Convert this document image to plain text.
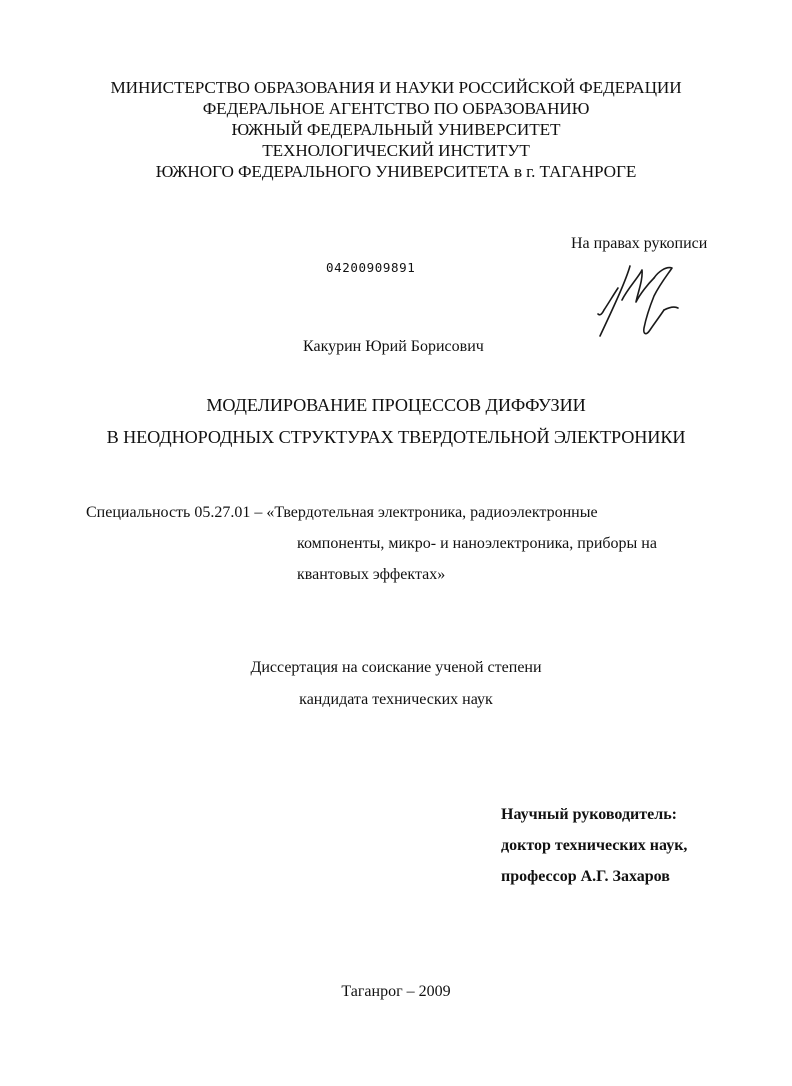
МИНИСТЕРСТВО ОБРАЗОВАНИЯ И НАУКИ РОССИЙСКОЙ ФЕДЕРАЦИИ
ФЕДЕРАЛЬНОЕ АГЕНТСТВО ПО ОБРАЗОВАНИЮ
ЮЖНЫЙ ФЕДЕРАЛЬНЫЙ УНИВЕРСИТЕТ
ТЕХНОЛОГИЧЕСКИЙ ИНСТИТУТ
ЮЖНОГО ФЕДЕРАЛЬНОГО УНИВЕРСИТЕТА в г. ТАГАНРОГЕ
На правах рукописи
04200909891
Какурин Юрий Борисович
МОДЕЛИРОВАНИЕ ПРОЦЕССОВ ДИФФУЗИИ
В НЕОДНОРОДНЫХ СТРУКТУРАХ ТВЕРДОТЕЛЬНОЙ ЭЛЕКТРОНИКИ
Специальность 05.27.01 – «Твердотельная электроника, радиоэлектронные
компоненты, микро- и наноэлектроника, приборы на
квантовых эффектах»
Диссертация на соискание ученой степени
кандидата технических наук
Научный руководитель:
доктор технических наук,
профессор А.Г. Захаров
Таганрог – 2009
